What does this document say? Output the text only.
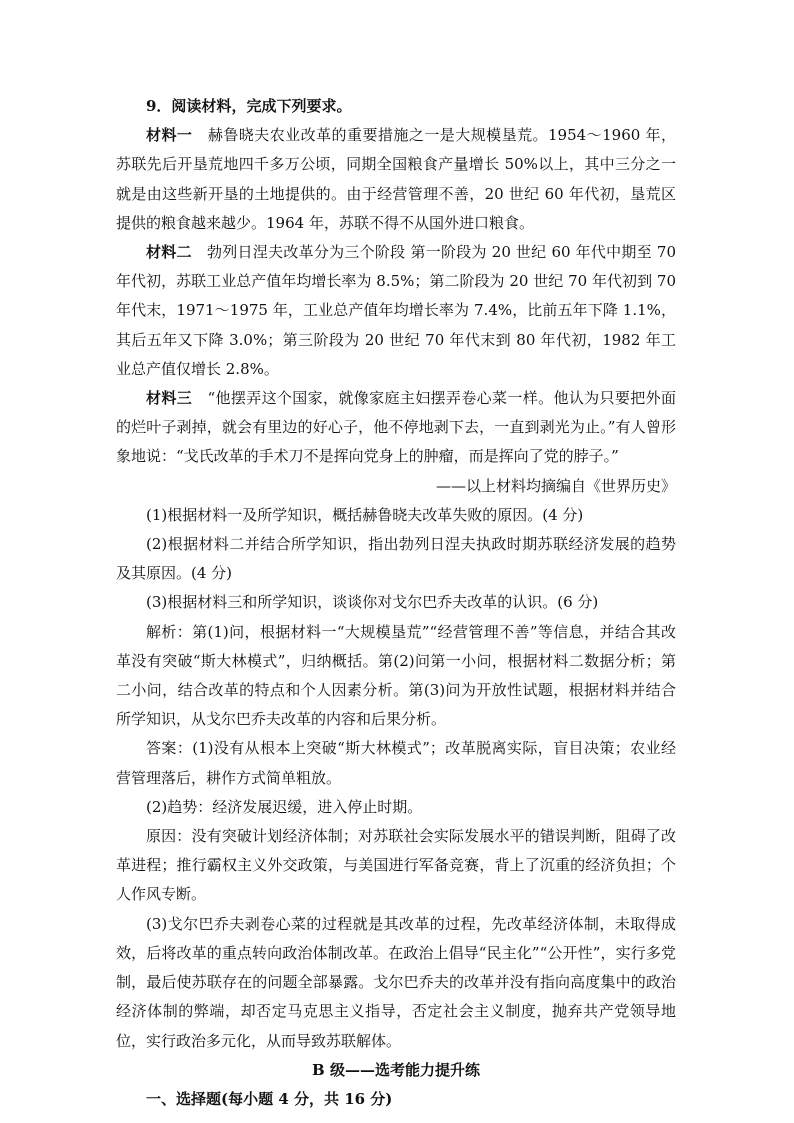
9．阅读材料，完成下列要求。

材料一　赫鲁晓夫农业改革的重要措施之一是大规模垦荒。1954～1960 年，苏联先后开垦荒地四千多万公顷，同期全国粮食产量增长 50%以上，其中三分之一就是由这些新开垦的土地提供的。由于经营管理不善，20 世纪 60 年代初，垦荒区提供的粮食越来越少。1964 年，苏联不得不从国外进口粮食。

材料二　勃列日涅夫改革分为三个阶段 第一阶段为 20 世纪 60 年代中期至 70 年代初，苏联工业总产值年均增长率为 8.5%；第二阶段为 20 世纪 70 年代初到 70 年代末，1971～1975 年，工业总产值年均增长率为 7.4%，比前五年下降 1.1%，其后五年又下降 3.0%；第三阶段为 20 世纪 70 年代末到 80 年代初，1982 年工业总产值仅增长 2.8%。

材料三　“他摆弄这个国家，就像家庭主妇摆弄卷心菜一样。他认为只要把外面的烂叶子剥掉，就会有里边的好心子，他不停地剥下去，一直到剥光为止。”有人曾形象地说：“戈氏改革的手术刀不是挥向党身上的肿瘤，而是挥向了党的脖子。”

——以上材料均摘编自《世界历史》

(1)根据材料一及所学知识，概括赫鲁晓夫改革失败的原因。(4 分)

(2)根据材料二并结合所学知识，指出勃列日涅夫执政时期苏联经济发展的趋势及其原因。(4 分)

(3)根据材料三和所学知识，谈谈你对戈尔巴乔夫改革的认识。(6 分)

解析：第(1)问，根据材料一“大规模垦荒”“经营管理不善”等信息，并结合其改革没有突破“斯大林模式”，归纳概括。第(2)问第一小问，根据材料二数据分析；第二小问，结合改革的特点和个人因素分析。第(3)问为开放性试题，根据材料并结合所学知识，从戈尔巴乔夫改革的内容和后果分析。

答案：(1)没有从根本上突破“斯大林模式”；改革脱离实际，盲目决策；农业经营管理落后，耕作方式简单粗放。

(2)趋势：经济发展迟缓，进入停止时期。

原因：没有突破计划经济体制；对苏联社会实际发展水平的错误判断，阻碍了改革进程；推行霸权主义外交政策，与美国进行军备竞赛，背上了沉重的经济负担；个人作风专断。

(3)戈尔巴乔夫剥卷心菜的过程就是其改革的过程，先改革经济体制，未取得成效，后将改革的重点转向政治体制改革。在政治上倡导“民主化”“公开性”，实行多党制，最后使苏联存在的问题全部暴露。戈尔巴乔夫的改革并没有指向高度集中的政治经济体制的弊端，却否定马克思主义指导，否定社会主义制度，抛弃共产党领导地位，实行政治多元化，从而导致苏联解体。

B 级——选考能力提升练

一、选择题(每小题 4 分，共 16 分)
